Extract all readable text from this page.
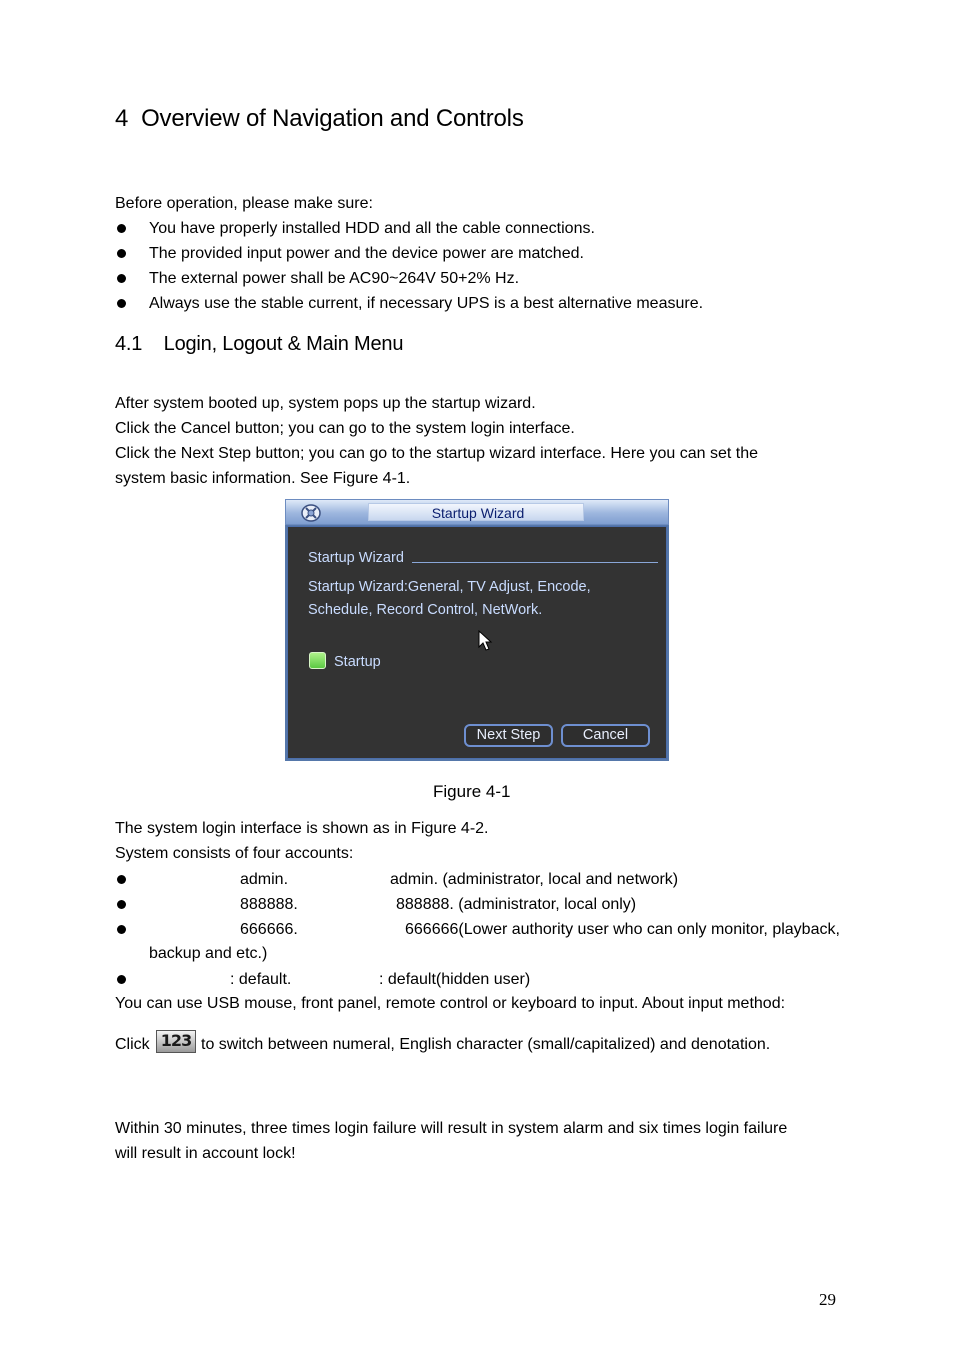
4 Overview of Navigation and Controls
Before operation, please make sure:
You have properly installed HDD and all the cable connections.
The provided input power and the device power are matched.
The external power shall be AC90~264V 50+2% Hz.
Always use the stable current, if necessary UPS is a best alternative measure.
4.1 Login, Logout & Main Menu
After system booted up, system pops up the startup wizard.
Click the Cancel button; you can go to the system login interface.
Click the Next Step button; you can go to the startup wizard interface. Here you can set the
system basic information. See Figure 4-1.
Startup Wizard
Startup Wizard
Startup Wizard:General, TV Adjust, Encode,
Schedule, Record Control, NetWork.
Startup
Next Step	Cancel
Figure 4-1
The system login interface is shown as in Figure 4-2.
System consists of four accounts:
admin.	admin. (administrator, local and network)
888888.	888888. (administrator, local only)
666666.	666666(Lower authority user who can only monitor, playback,
backup and etc.)
: default.	: default(hidden user)
You can use USB mouse, front panel, remote control or keyboard to input. About input method:
Click 123 to switch between numeral, English character (small/capitalized) and denotation.
Within 30 minutes, three times login failure will result in system alarm and six times login failure
will result in account lock!
29
